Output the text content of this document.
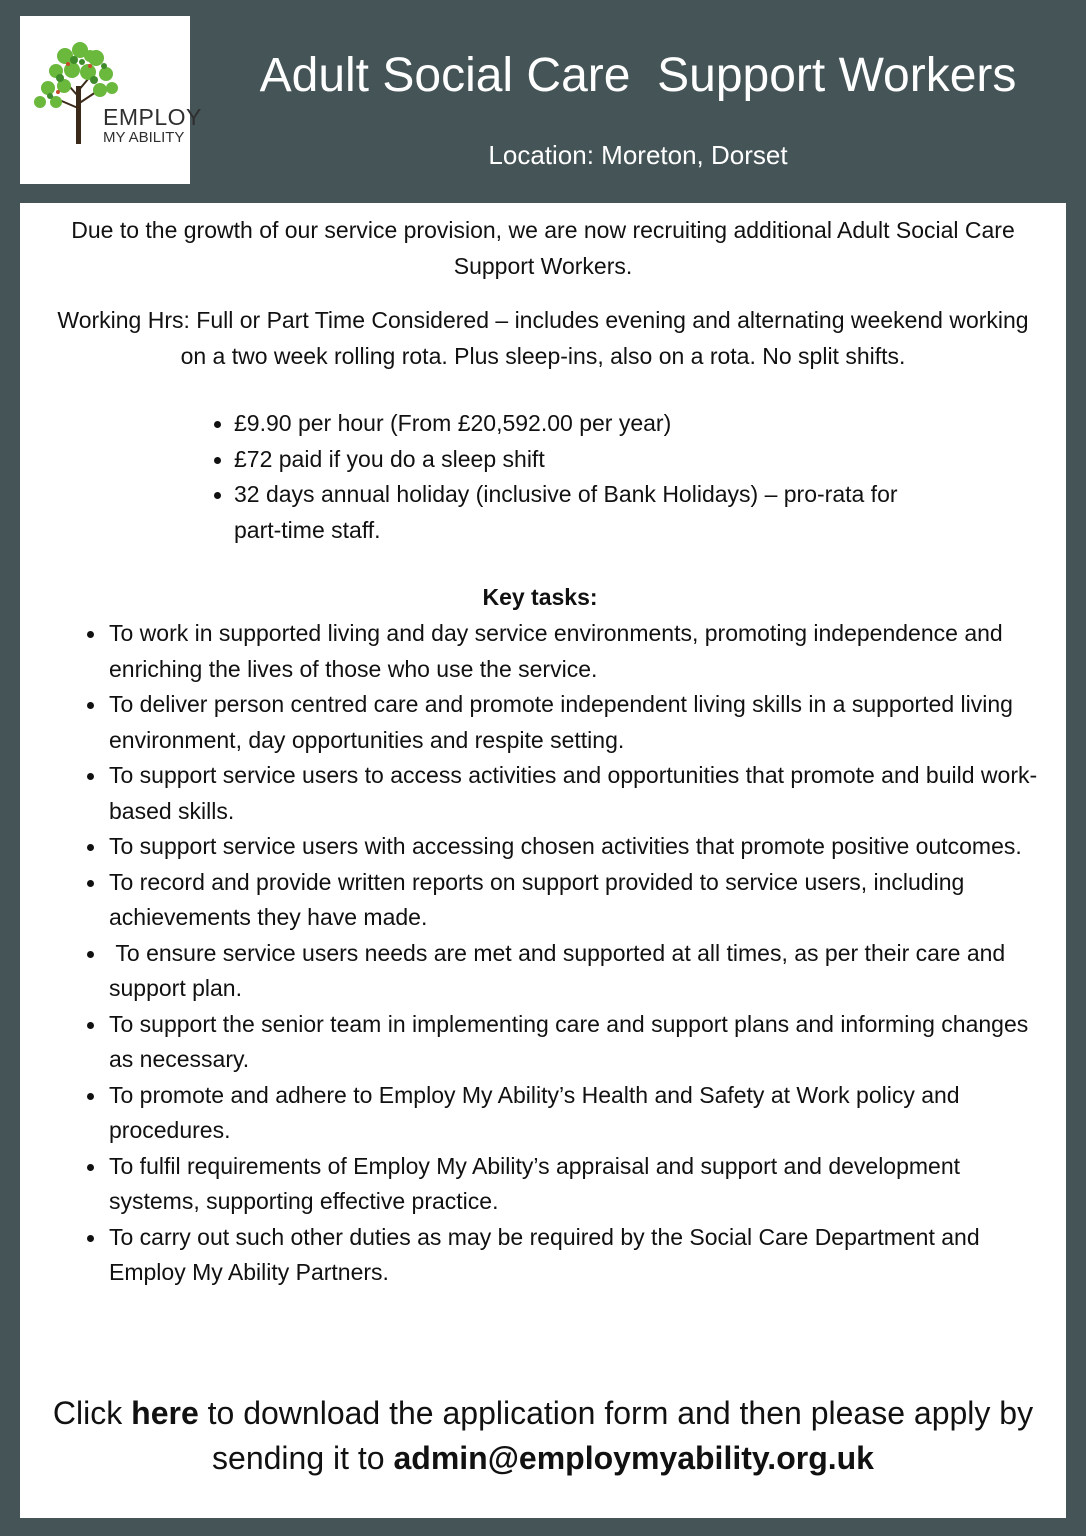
EMPLOY
MY ABILITY
Adult Social Care  Support Workers
Location: Moreton, Dorset
Due to the growth of our service provision, we are now recruiting additional Adult Social Care Support Workers.
Working Hrs: Full or Part Time Considered – includes evening and alternating weekend working on a two week rolling rota. Plus sleep-ins, also on a rota. No split shifts.
£9.90 per hour (From £20,592.00 per year)
£72 paid if you do a sleep shift
32 days annual holiday (inclusive of Bank Holidays) – pro-rata for part-time staff.
Key tasks:
To work in supported living and day service environments, promoting independence and enriching the lives of those who use the service.
To deliver person centred care and promote independent living skills in a supported living environment, day opportunities and respite setting.
To support service users to access activities and opportunities that promote and build work-based skills.
To support service users with accessing chosen activities that promote positive outcomes.
To record and provide written reports on support provided to service users, including achievements they have made.
To ensure service users needs are met and supported at all times, as per their care and support plan.
To support the senior team in implementing care and support plans and informing changes as necessary.
To promote and adhere to Employ My Ability’s Health and Safety at Work policy and procedures.
To fulfil requirements of Employ My Ability’s appraisal and support and development systems, supporting effective practice.
To carry out such other duties as may be required by the Social Care Department and Employ My Ability Partners.
Click here to download the application form and then please apply by sending it to admin@employmyability.org.uk
